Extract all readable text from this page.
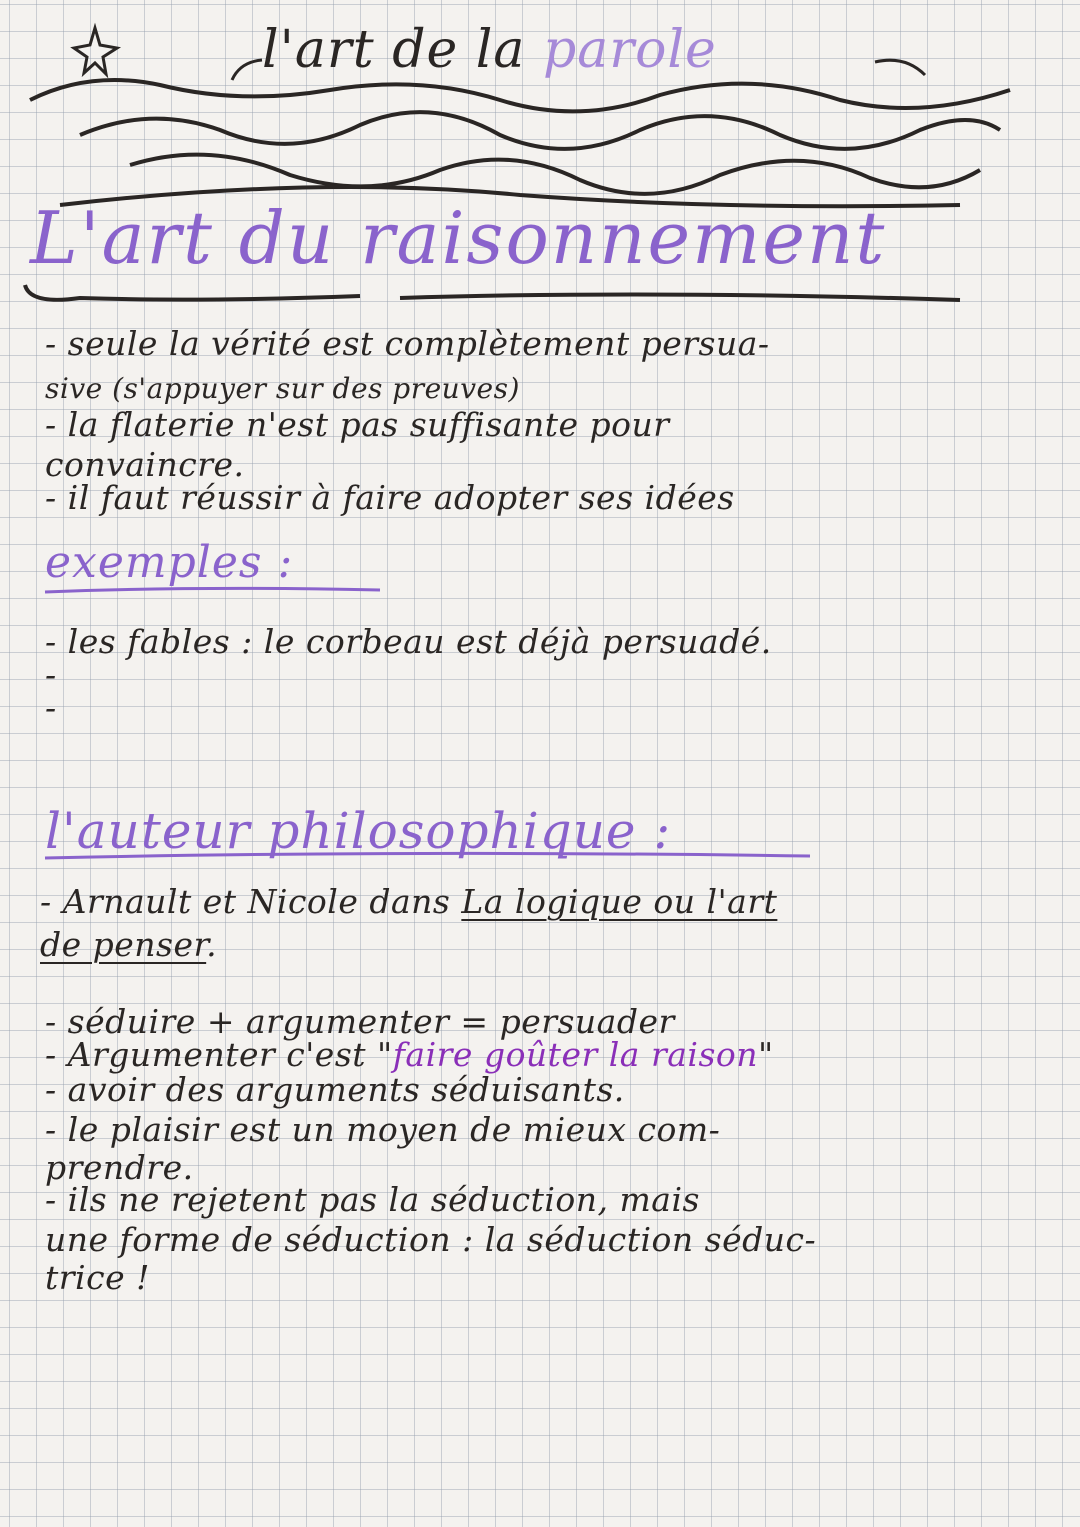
l'art de la parole
L'art du raisonnement
- seule la vérité est complètement persua-
sive (s'appuyer sur des preuves)
- la flaterie n'est pas suffisante pour
convaincre.
- il faut réussir à faire adopter ses idées
exemples :
- les fables : le corbeau est déjà persuadé.
-
-
l'auteur philosophique :
- Arnault et Nicole dans La logique ou l'art
de penser.
- séduire + argumenter = persuader
- Argumenter c'est "faire goûter la raison"
- avoir des arguments séduisants.
- le plaisir est un moyen de mieux com-
prendre.
- ils ne rejetent pas la séduction, mais
une forme de séduction : la séduction séduc-
trice !
